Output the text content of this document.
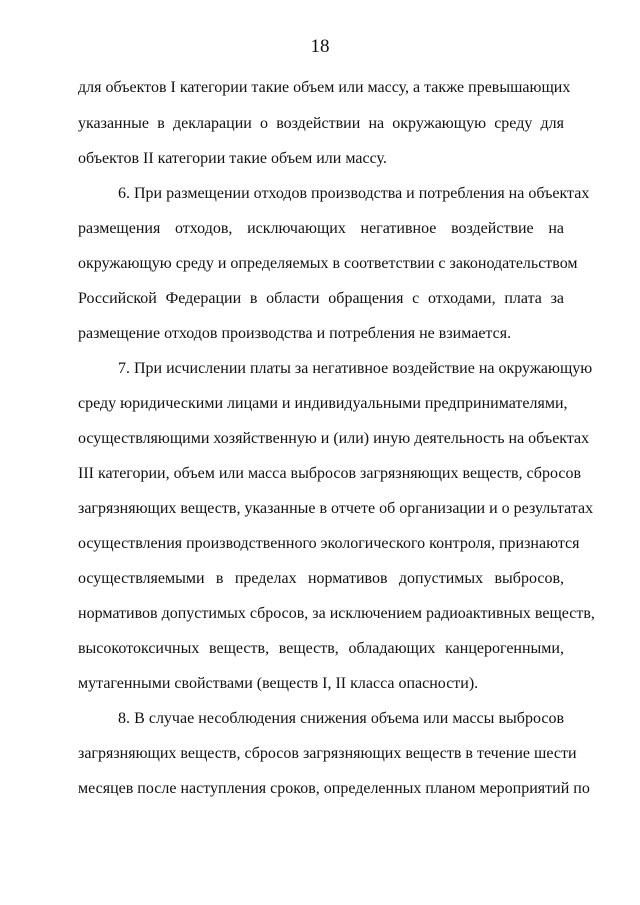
18
для объектов I категории такие объем или массу, а также превышающих
указанные в декларации о воздействии на окружающую среду для
объектов II категории такие объем или массу.
6. При размещении отходов производства и потребления на объектах
размещения отходов, исключающих негативное воздействие на
окружающую среду и определяемых в соответствии с законодательством
Российской Федерации в области обращения с отходами, плата за
размещение отходов производства и потребления не взимается.
7. При исчислении платы за негативное воздействие на окружающую
среду юридическими лицами и индивидуальными предпринимателями,
осуществляющими хозяйственную и (или) иную деятельность на объектах
III категории, объем или масса выбросов загрязняющих веществ, сбросов
загрязняющих веществ, указанные в отчете об организации и о результатах
осуществления производственного экологического контроля, признаются
осуществляемыми в пределах нормативов допустимых выбросов,
нормативов допустимых сбросов, за исключением радиоактивных веществ,
высокотоксичных веществ, веществ, обладающих канцерогенными,
мутагенными свойствами (веществ I, II класса опасности).
8. В случае несоблюдения снижения объема или массы выбросов
загрязняющих веществ, сбросов загрязняющих веществ в течение шести
месяцев после наступления сроков, определенных планом мероприятий по
